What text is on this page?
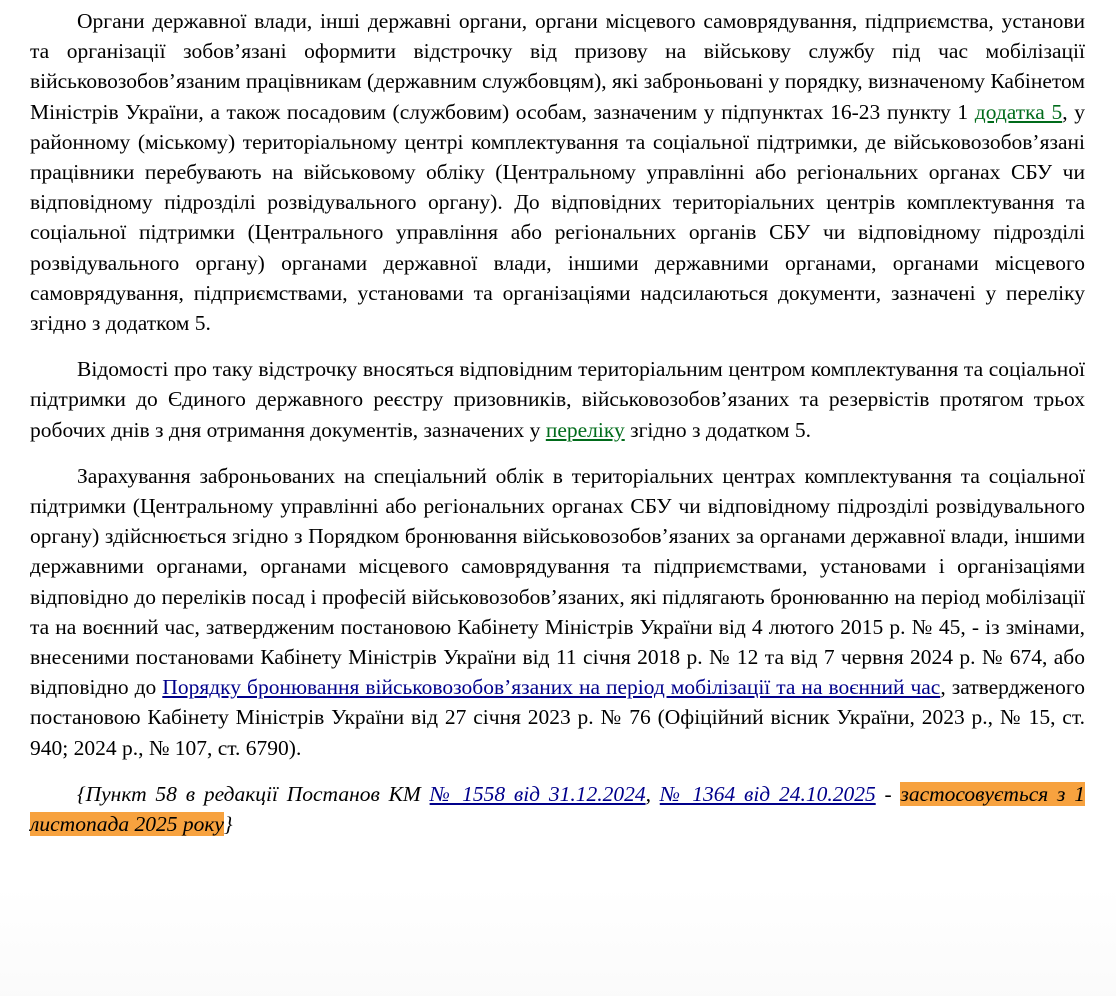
Органи державної влади, інші державні органи, органи місцевого самоврядування, підприємства, установи та організації зобов’язані оформити відстрочку від призову на військову службу під час мобілізації військовозобов’язаним працівникам (державним службовцям), які заброньовані у порядку, визначеному Кабінетом Міністрів України, а також посадовим (службовим) особам, зазначеним у підпунктах 16-23 пункту 1 додатка 5, у районному (міському) територіальному центрі комплектування та соціальної підтримки, де військовозобов’язані працівники перебувають на військовому обліку (Центральному управлінні або регіональних органах СБУ чи відповідному підрозділі розвідувального органу). До відповідних територіальних центрів комплектування та соціальної підтримки (Центрального управління або регіональних органів СБУ чи відповідному підрозділі розвідувального органу) органами державної влади, іншими державними органами, органами місцевого самоврядування, підприємствами, установами та організаціями надсилаються документи, зазначені у переліку згідно з додатком 5.

Відомості про таку відстрочку вносяться відповідним територіальним центром комплектування та соціальної підтримки до Єдиного державного реєстру призовників, військовозобов’язаних та резервістів протягом трьох робочих днів з дня отримання документів, зазначених у переліку згідно з додатком 5.

Зарахування заброньованих на спеціальний облік в територіальних центрах комплектування та соціальної підтримки (Центральному управлінні або регіональних органах СБУ чи відповідному підрозділі розвідувального органу) здійснюється згідно з Порядком бронювання військовозобов’язаних за органами державної влади, іншими державними органами, органами місцевого самоврядування та підприємствами, установами і організаціями відповідно до переліків посад і професій військовозобов’язаних, які підлягають бронюванню на період мобілізації та на воєнний час, затвердженим постановою Кабінету Міністрів України від 4 лютого 2015 р. № 45, - із змінами, внесеними постановами Кабінету Міністрів України від 11 січня 2018 р. № 12 та від 7 червня 2024 р. № 674, або відповідно до Порядку бронювання військовозобов’язаних на період мобілізації та на воєнний час, затвердженого постановою Кабінету Міністрів України від 27 січня 2023 р. № 76 (Офіційний вісник України, 2023 р., № 15, ст. 940; 2024 р., № 107, ст. 6790).

{Пункт 58 в редакції Постанов КМ № 1558 від 31.12.2024, № 1364 від 24.10.2025 - застосовується з 1 листопада 2025 року}
